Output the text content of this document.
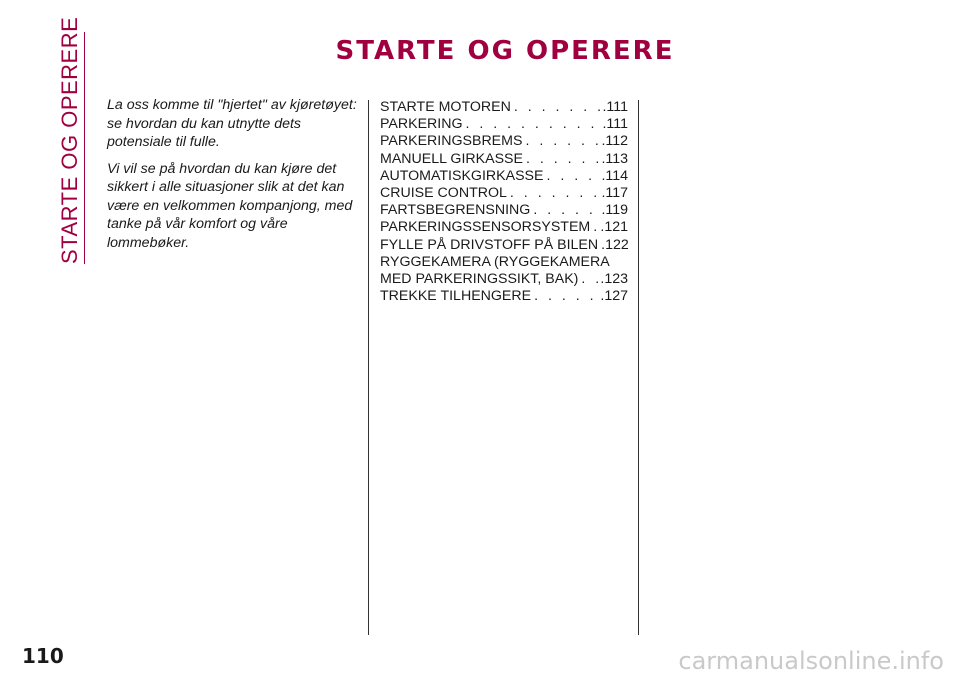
STARTE OG OPERERE	STARTE OG OPERERE

La oss komme til "hjertet" av kjøretøyet: se hvordan du kan utnytte dets potensiale til fulle.

Vi vil se på hvordan du kan kjøre det sikkert i alle situasjoner slik at det kan være en velkommen kompanjong, med tanke på vår komfort og våre lommebøker.

STARTE MOTOREN . . .	.111
PARKERING . . .	.111
PARKERINGSBREMS . . .	.112
MANUELL GIRKASSE . . .	.113
AUTOMATISKGIRKASSE . . .	.114
CRUISE CONTROL . . .	.117
FARTSBEGRENSNING . . .	.119
PARKERINGSSENSORSYSTEM . . . .121
FYLLE PÅ DRIVSTOFF PÅ BILEN . . . .122
RYGGEKAMERA (RYGGEKAMERA
MED PARKERINGSSIKT, BAK) . . . .123
TREKKE TILHENGERE . . .	.127
110	carmanualsonline.info
